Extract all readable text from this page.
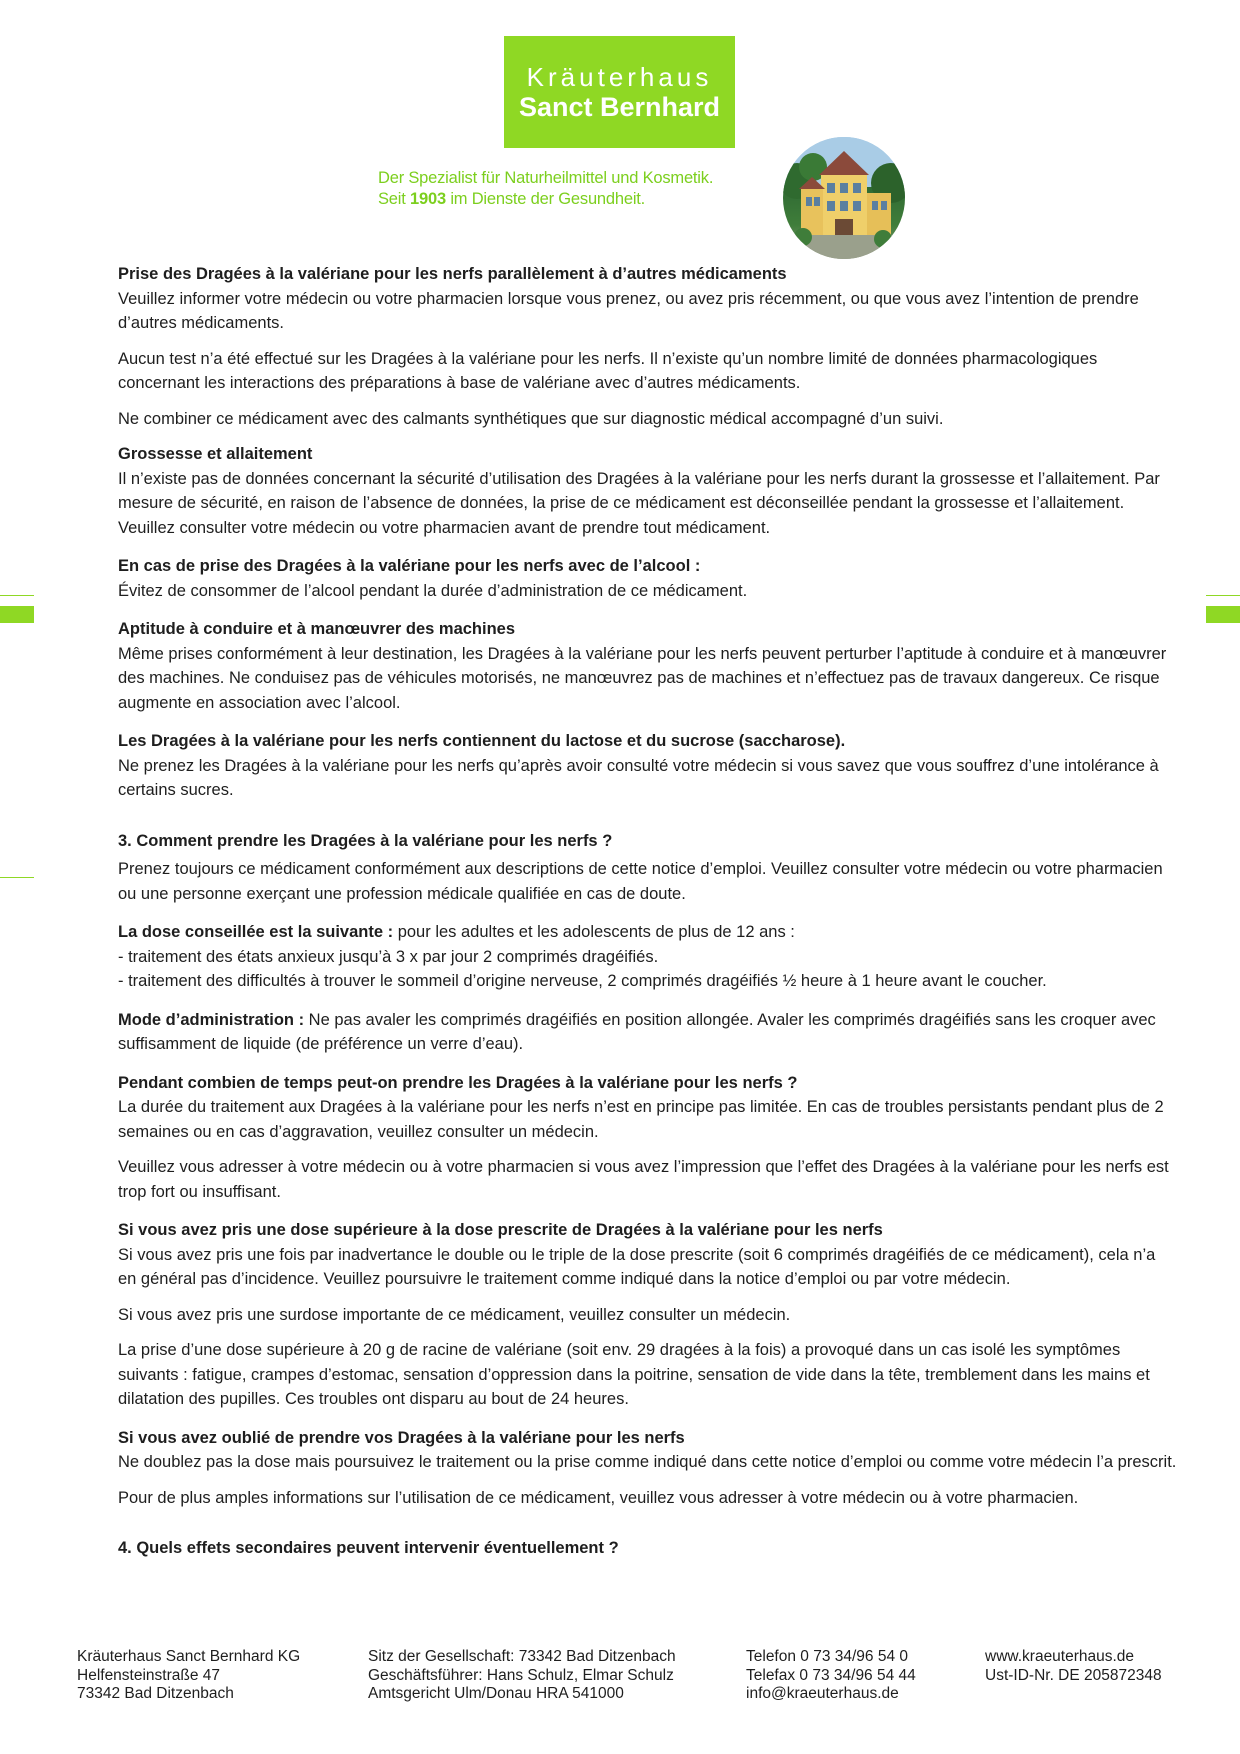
Kräuterhaus
Sanct Bernhard
Der Spezialist für Naturheilmittel und Kosmetik.
Seit 1903 im Dienste der Gesundheit.
Prise des Dragées à la valériane pour les nerfs parallèlement à d’autres médicaments

Veuillez informer votre médecin ou votre pharmacien lorsque vous prenez, ou avez pris récemment, ou que vous avez l’intention de prendre d’autres médicaments.

Aucun test n’a été effectué sur les Dragées à la valériane pour les nerfs. Il n’existe qu’un nombre limité de données pharmacologiques concernant les interactions des préparations à base de valériane avec d’autres médicaments.

Ne combiner ce médicament avec des calmants synthétiques que sur diagnostic médical accompagné d’un suivi.

Grossesse et allaitement

Il n’existe pas de données concernant la sécurité d’utilisation des Dragées à la valériane pour les nerfs durant la grossesse et l’allaitement. Par mesure de sécurité, en raison de l’absence de données, la prise de ce médicament est déconseillée pendant la grossesse et l’allaitement.

Veuillez consulter votre médecin ou votre pharmacien avant de prendre tout médicament.

En cas de prise des Dragées à la valériane pour les nerfs avec de l’alcool :

Évitez de consommer de l’alcool pendant la durée d’administration de ce médicament.

Aptitude à conduire et à manœuvrer des machines

Même prises conformément à leur destination, les Dragées à la valériane pour les nerfs peuvent perturber l’aptitude à conduire et à manœuvrer des machines. Ne conduisez pas de véhicules motorisés, ne manœuvrez pas de machines et n’effectuez pas de travaux dangereux. Ce risque augmente en association avec l’alcool.

Les Dragées à la valériane pour les nerfs contiennent du lactose et du sucrose (saccharose).

Ne prenez les Dragées à la valériane pour les nerfs qu’après avoir consulté votre médecin si vous savez que vous souffrez d’une intolérance à certains sucres.

3. Comment prendre les Dragées à la valériane pour les nerfs ?

Prenez toujours ce médicament conformément aux descriptions de cette notice d’emploi. Veuillez consulter votre médecin ou votre pharmacien ou une personne exerçant une profession médicale qualifiée en cas de doute.

La dose conseillée est la suivante : pour les adultes et les adolescents de plus de 12 ans :

- traitement des états anxieux jusqu’à 3 x par jour 2 comprimés dragéifiés.

- traitement des difficultés à trouver le sommeil d’origine nerveuse, 2 comprimés dragéifiés ½ heure à 1 heure avant le coucher.

Mode d’administration : Ne pas avaler les comprimés dragéifiés en position allongée. Avaler les comprimés dragéifiés sans les croquer avec suffisamment de liquide (de préférence un verre d’eau).

Pendant combien de temps peut-on prendre les Dragées à la valériane pour les nerfs ?

La durée du traitement aux Dragées à la valériane pour les nerfs n’est en principe pas limitée. En cas de troubles persistants pendant plus de 2 semaines ou en cas d’aggravation, veuillez consulter un médecin.

Veuillez vous adresser à votre médecin ou à votre pharmacien si vous avez l’impression que l’effet des Dragées à la valériane pour les nerfs est trop fort ou insuffisant.

Si vous avez pris une dose supérieure à la dose prescrite de Dragées à la valériane pour les nerfs

Si vous avez pris une fois par inadvertance le double ou le triple de la dose prescrite (soit 6 comprimés dragéifiés de ce médicament), cela n’a en général pas d’incidence. Veuillez poursuivre le traitement comme indiqué dans la notice d’emploi ou par votre médecin.

Si vous avez pris une surdose importante de ce médicament, veuillez consulter un médecin.

La prise d’une dose supérieure à 20 g de racine de valériane (soit env. 29 dragées à la fois) a provoqué dans un cas isolé les symptômes suivants : fatigue, crampes d’estomac, sensation d’oppression dans la poitrine, sensation de vide dans la tête, tremblement dans les mains et dilatation des pupilles. Ces troubles ont disparu au bout de 24 heures.

Si vous avez oublié de prendre vos Dragées à la valériane pour les nerfs

Ne doublez pas la dose mais poursuivez le traitement ou la prise comme indiqué dans cette notice d’emploi ou comme votre médecin l’a prescrit.

Pour de plus amples informations sur l’utilisation de ce médicament, veuillez vous adresser à votre médecin ou à votre pharmacien.

4. Quels effets secondaires peuvent intervenir éventuellement ?
Kräuterhaus Sanct Bernhard KG
Helfensteinstraße 47
73342 Bad Ditzenbach
Sitz der Gesellschaft: 73342 Bad Ditzenbach
Geschäftsführer: Hans Schulz, Elmar Schulz
Amtsgericht Ulm/Donau HRA 541000
Telefon 0 73 34/96 54 0
Telefax 0 73 34/96 54 44
info@kraeuterhaus.de
www.kraeuterhaus.de
Ust-ID-Nr. DE 205872348
